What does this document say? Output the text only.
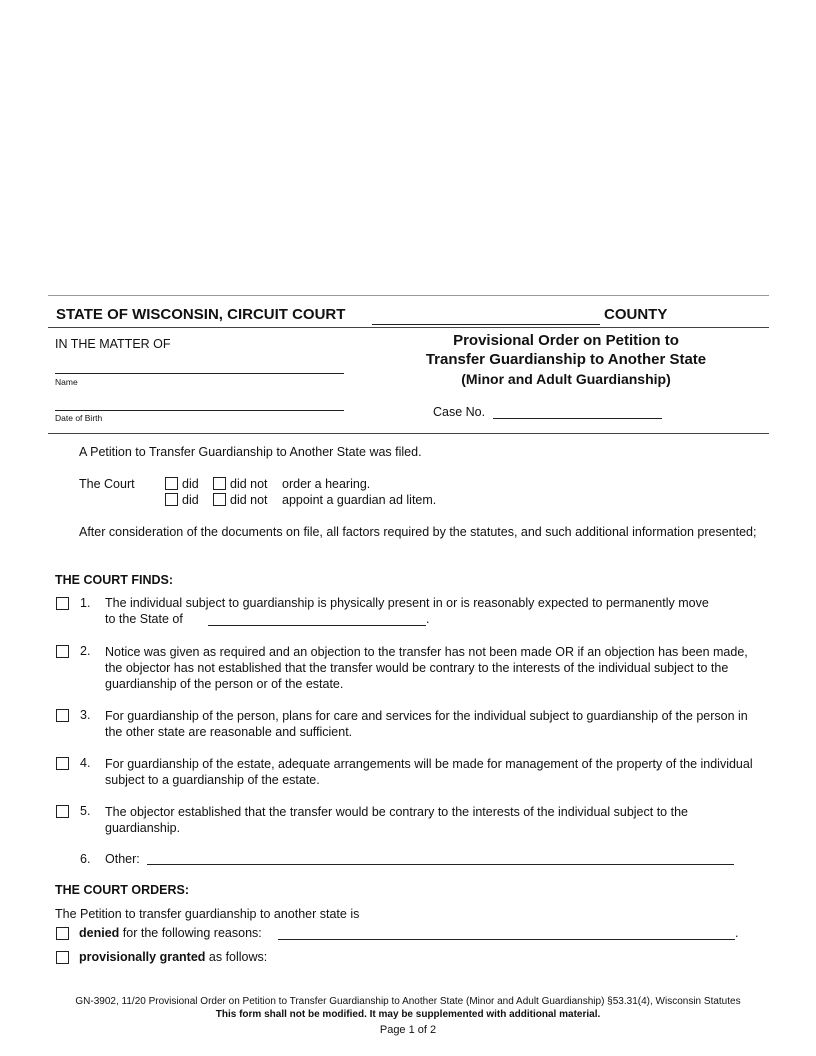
STATE OF WISCONSIN, CIRCUIT COURT	COUNTY
IN THE MATTER OF
Name
Date of Birth
Provisional Order on Petition to
Transfer Guardianship to Another State
(Minor and Adult Guardianship)
Case No.
A Petition to Transfer Guardianship to Another State was filed.
The Court	did	did not order a hearing.
did	did not appoint a guardian ad litem.
After consideration of the documents on file, all factors required by the statutes, and such additional information presented;
THE COURT FINDS:
1. The individual subject to guardianship is physically present in or is reasonably expected to permanently move
to the State of	.
2. Notice was given as required and an objection to the transfer has not been made OR if an objection has been made, the objector has not established that the transfer would be contrary to the interests of the individual subject to the guardianship of the person or of the estate.
3. For guardianship of the person, plans for care and services for the individual subject to guardianship of the person in the other state are reasonable and sufficient.
4. For guardianship of the estate, adequate arrangements will be made for management of the property of the individual subject to a guardianship of the estate.
5. The objector established that the transfer would be contrary to the interests of the individual subject to the guardianship.
6. Other:
THE COURT ORDERS:
The Petition to transfer guardianship to another state is
denied for the following reasons:	.
provisionally granted as follows:
GN-3902, 11/20 Provisional Order on Petition to Transfer Guardianship to Another State (Minor and Adult Guardianship) §53.31(4), Wisconsin Statutes
This form shall not be modified. It may be supplemented with additional material.
Page 1 of 2
